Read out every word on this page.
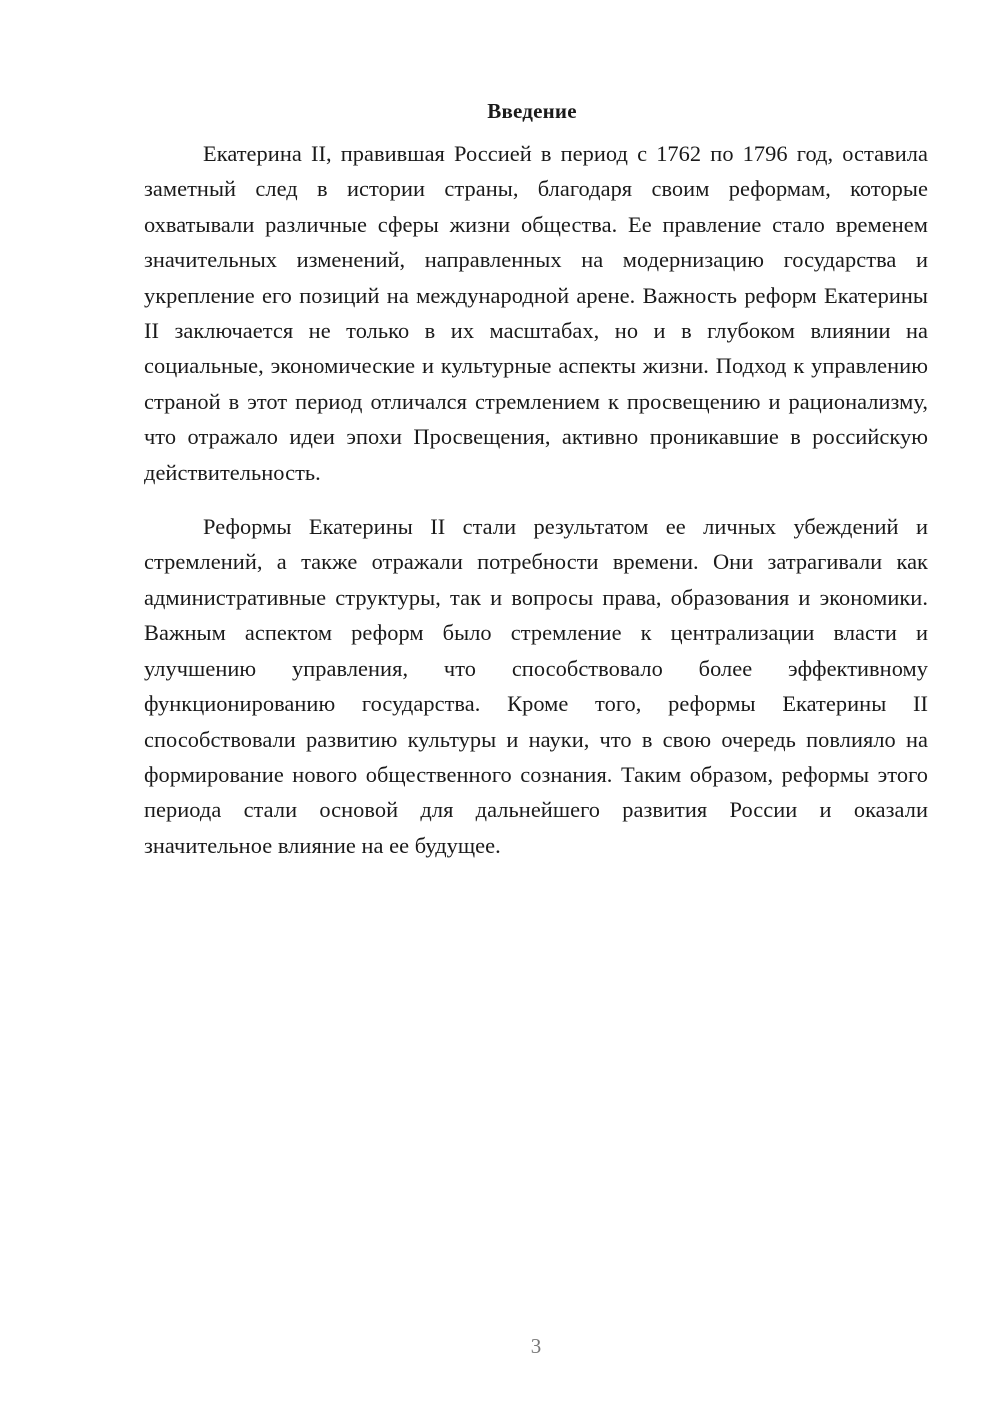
Введение

Екатерина II, правившая Россией в период с 1762 по 1796 год, оставила заметный след в истории страны, благодаря своим реформам, которые охватывали различные сферы жизни общества. Ее правление стало временем значительных изменений, направленных на модернизацию государства и укрепление его позиций на международной арене. Важность реформ Екатерины II заключается не только в их масштабах, но и в глубоком влиянии на социальные, экономические и культурные аспекты жизни. Подход к управлению страной в этот период отличался стремлением к просвещению и рационализму, что отражало идеи эпохи Просвещения, активно проникавшие в российскую действительность.

Реформы Екатерины II стали результатом ее личных убеждений и стремлений, а также отражали потребности времени. Они затрагивали как административные структуры, так и вопросы права, образования и экономики. Важным аспектом реформ было стремление к централизации власти и улучшению управления, что способствовало более эффективному функционированию государства. Кроме того, реформы Екатерины II способствовали развитию культуры и науки, что в свою очередь повлияло на формирование нового общественного сознания. Таким образом, реформы этого периода стали основой для дальнейшего развития России и оказали значительное влияние на ее будущее.

3
